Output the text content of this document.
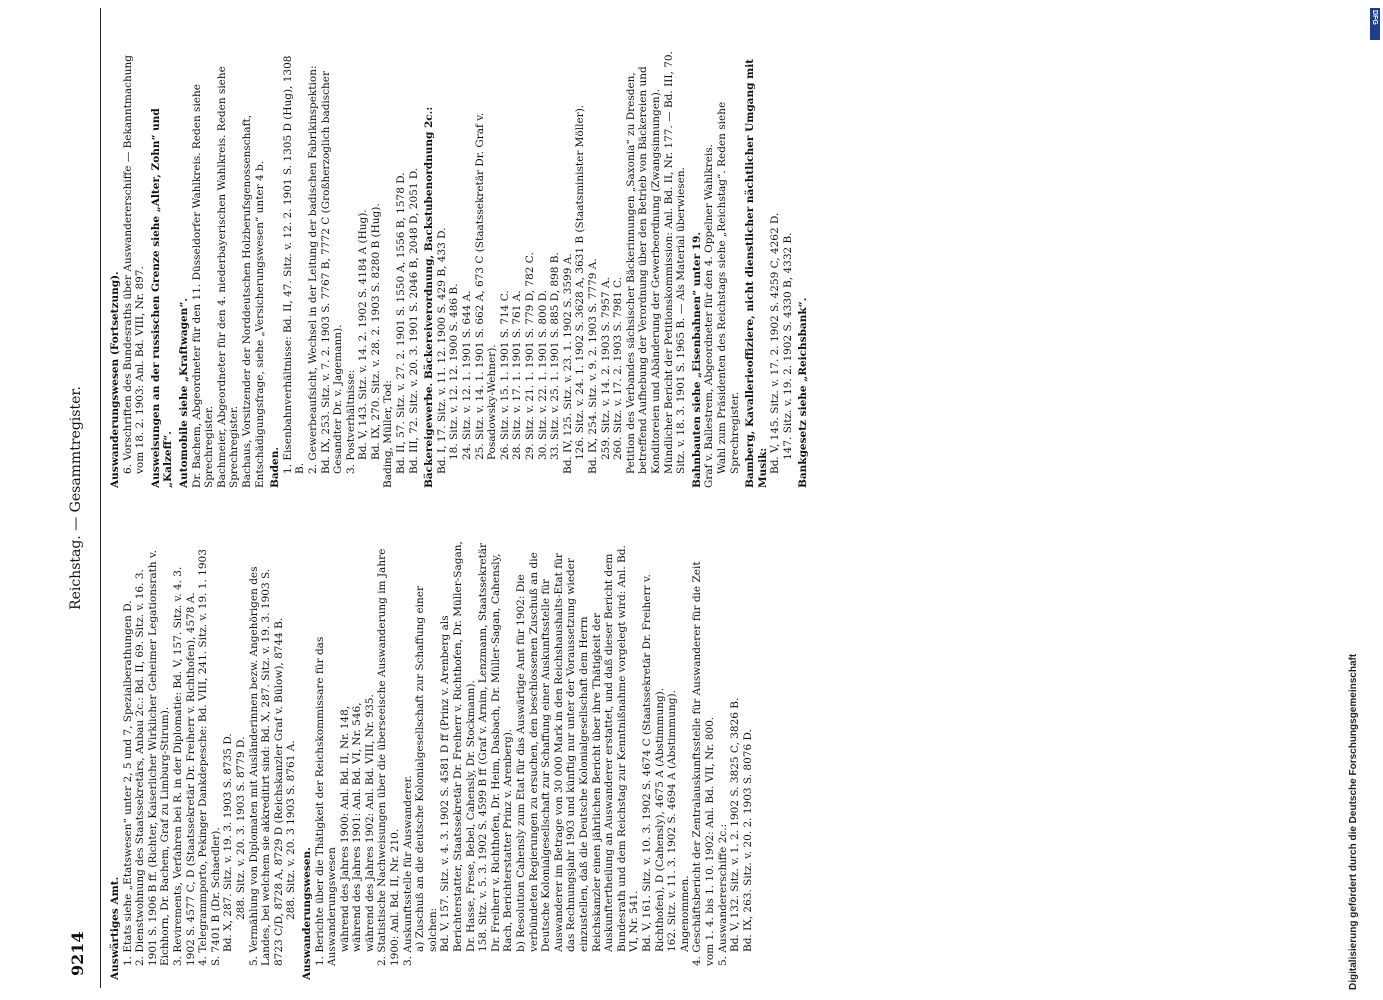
9214
Reichstag. — Gesammtregister.

Auswärtiges Amt. 1. Etats siehe „Etatswesen“ unter 2, 5 und 7, Spezialberathungen D. 2. Dienstwohnung des Staatssekretärs, Anbau 2c.: Bd. II, 69. Sitz. v. 16. 3. 1901 S. 1906 B ff. (Richter, Kaiserlicher Wirklicher Geheimer Legationsrath v. Eichhorn, Dr. Bachem, Graf zu Limburg-Stirum). 3. Revirements, Verfahren bei R. in der Diplomatie: Bd. V, 157. Sitz. v. 4. 3. 1902 S. 4577 C, D (Staatssekretär Dr. Freiherr v. Richthofen), 4578 A. 4. Telegrammporto, Pekinger Dankdepesche: Bd. VIII, 241. Sitz. v. 19. 1. 1903 S. 7401 B (Dr. Schaedler). Bd. X, 287. Sitz. v. 19. 3. 1903 S. 8735 D. 288. Sitz. v. 20. 3. 1903 S. 8779 D. 5. Vermählung von Diplomaten mit Ausländerinnen bezw. Angehörigen des Landes, bei welchem sie akkreditirt sind: Bd. X, 287. Sitz. v. 19. 3. 1903 S. 8723 C/D, 8728 A, 8729 D (Reichskanzler Graf v. Bülow), 8744 B. 288. Sitz. v. 20. 3 1903 S. 8761 A. Auswanderungswesen. 1. Berichte über die Thätigkeit der Reichskommissare für das Auswanderungswesen während des Jahres 1900: Anl. Bd. II, Nr. 148, während des Jahres 1901: Anl. Bd. VI, Nr. 546, während des Jahres 1902: Anl. Bd. VIII, Nr. 935. 2. Statistische Nachweisungen über die überseeische Auswanderung im Jahre 1900: Anl. Bd. II, Nr. 210. 3. Auskunftsstelle für Auswanderer. a) Zuschuß an die deutsche Kolonialgesellschaft zur Schaffung einer solchen: Bd. V, 157. Sitz. v. 4. 3. 1902 S. 4581 D ff (Prinz v. Arenberg als Berichterstatter, Staatssekretär Dr. Freiherr v. Richthofen, Dr. Müller-Sagan, Dr. Hasse, Frese, Bebel, Cahensly, Dr. Stockmann). 158. Sitz. v. 5. 3. 1902 S. 4599 B ff (Graf v. Arnim, Lenzmann, Staatssekretär Dr. Freiherr v. Richthofen, Dr. Heim, Dasbach, Dr. Müller-Sagan, Cahensly, Rach, Berichterstatter Prinz v. Arenberg). b) Resolution Cahensly zum Etat für das Auswärtige Amt für 1902: Die verbündeten Regierungen zu ersuchen, den beschlossenen Zuschuß an die Deutsche Kolonialgesellschaft zur Schaffung einer Auskunftsstelle für Auswanderer im Betrage von 30 000 Mark in den Reichshaushalts-Etat für das Rechnungsjahr 1903 und künftig nur unter der Voraussetzung wieder einzustellen, daß die Deutsche Kolonialgesellschaft dem Herrn Reichskanzler einen jährlichen Bericht über ihre Thätigkeit der Auskunftertheilung an Auswanderer erstattet, und daß dieser Bericht dem Bundesrath und dem Reichstag zur Kenntnißnahme vorgelegt wird: Anl. Bd. VI, Nr. 541. Bd. V, 161. Sitz. v. 10. 3. 1902 S. 4674 C (Staatssekretär Dr. Freiherr v. Richthofen), D (Cahensly), 4675 A (Abstimmung). 162. Sitz. v. 11. 3. 1902 S. 4694 A (Abstimmung). Angenommen. 4. Geschäftsbericht der Zentralauskunftsstelle für Auswanderer für die Zeit vom 1. 4. bis 1. 10. 1902: Anl. Bd. VII, Nr. 800. 5. Auswandererschiffe 2c.: Bd. V, 132. Sitz. v. 1. 2. 1902 S. 3825 C, 3826 B. Bd. IX, 263. Sitz. v. 20. 2. 1903 S. 8076 D.

Auswanderungswesen (Fortsetzung). 6. Vorschriften des Bundesraths über Auswandererschiffe — Bekanntmachung vom 18. 2. 1903: Anl. Bd. VIII, Nr. 897. Ausweisungen an der russischen Grenze siehe „Alter, Zohn“ und „Kalzeff“. Automobile siehe „Kraftwagen“. Dr. Bachem, Abgeordneter für den 11. Düsseldorfer Wahlkreis. Reden siehe Sprechregister. Bachmeier, Abgeordneter für den 4. niederbayerischen Wahlkreis. Reden siehe Sprechregister. Bachaus, Vorsitzender der Norddeutschen Holzberufsgenossenschaft, Entschädigungsfrage, siehe „Versicherungswesen“ unter 4 b. Baden. 1. Eisenbahnverhältnisse: Bd. II, 47. Sitz. v. 12. 2. 1901 S. 1305 D (Hug), 1308 B. 2. Gewerbeaufsicht, Wechsel in der Leitung der badischen Fabrikinspektion: Bd. IX, 253. Sitz. v. 7. 2. 1903 S. 7767 B, 7772 C (Großherzoglich badischer Gesandter Dr. v. Jagemann). 3. Postverhältnisse: Bd. V, 143. Sitz. v. 14. 2. 1902 S. 4184 A (Hug). Bd. IX, 270. Sitz. v. 28. 2. 1903 S. 8280 B (Hug). Bading, Müller, Tod: Bd. II, 57. Sitz. v. 27. 2. 1901 S. 1550 A, 1556 B, 1578 D. Bd. III, 72. Sitz. v. 20. 3. 1901 S. 2046 B, 2048 D, 2051 D. Bäckereigewerbe. Bäckereiverordnung, Backstubenordnung 2c.: Bd. I, 17. Sitz. v. 11. 12. 1900 S. 429 B, 433 D. 18. Sitz. v. 12. 12. 1900 S. 486 B. 24. Sitz. v. 12. 1. 1901 S. 644 A. 25. Sitz. v. 14. 1. 1901 S. 662 A, 673 C (Staatssekretär Dr. Graf v. Posadowsky-Wehner). 26. Sitz. v. 15. 1. 1901 S. 714 C. 28. Sitz. v. 17. 1. 1901 S. 761 A. 29. Sitz. v. 21. 1. 1901 S. 779 D, 782 C. 30. Sitz. v. 22. 1. 1901 S. 800 D. 33. Sitz. v. 25. 1. 1901 S. 885 D, 898 B. Bd. IV, 125. Sitz. v. 23. 1. 1902 S. 3599 A. 126. Sitz. v. 24. 1. 1902 S. 3628 A, 3631 B (Staatsminister Möller). Bd. IX, 254. Sitz. v. 9. 2. 1903 S. 7779 A. 259. Sitz. v. 14. 2. 1903 S. 7957 A. 260. Sitz. v. 17. 2. 1903 S. 7981 C. Petition des Verbandes sächsischer Bäckerinnungen „Saxonia“ zu Dresden, betreffend Aufhebung der Verordnung über den Betrieb von Bäckereien und Konditoreien und Abänderung der Gewerbeordnung (Zwangsinnungen). Mündlicher Bericht der Petitionskommission: Anl. Bd. II, Nr. 177. — Bd. III, 70. Sitz. v. 18. 3. 1901 S. 1965 B. — Als Material überwiesen. Bahnbauten siehe „Eisenbahnen“ unter 19. Graf v. Ballestrem, Abgeordneter für den 4. Oppelner Wahlkreis. Wahl zum Präsidenten des Reichstags siehe „Reichstag“. Reden siehe Sprechregister. Bamberg, Kavallerieoffiziere, nicht dienstlicher nächtlicher Umgang mit Musik: Bd. V, 145. Sitz. v. 17. 2. 1902 S. 4259 C, 4262 D. 147. Sitz. v. 19. 2. 1902 S. 4330 B, 4332 B. Bankgesetz siehe „Reichsbank“.

Digitalisierung gefördert durch die Deutsche Forschungsgemeinschaft
DFG
